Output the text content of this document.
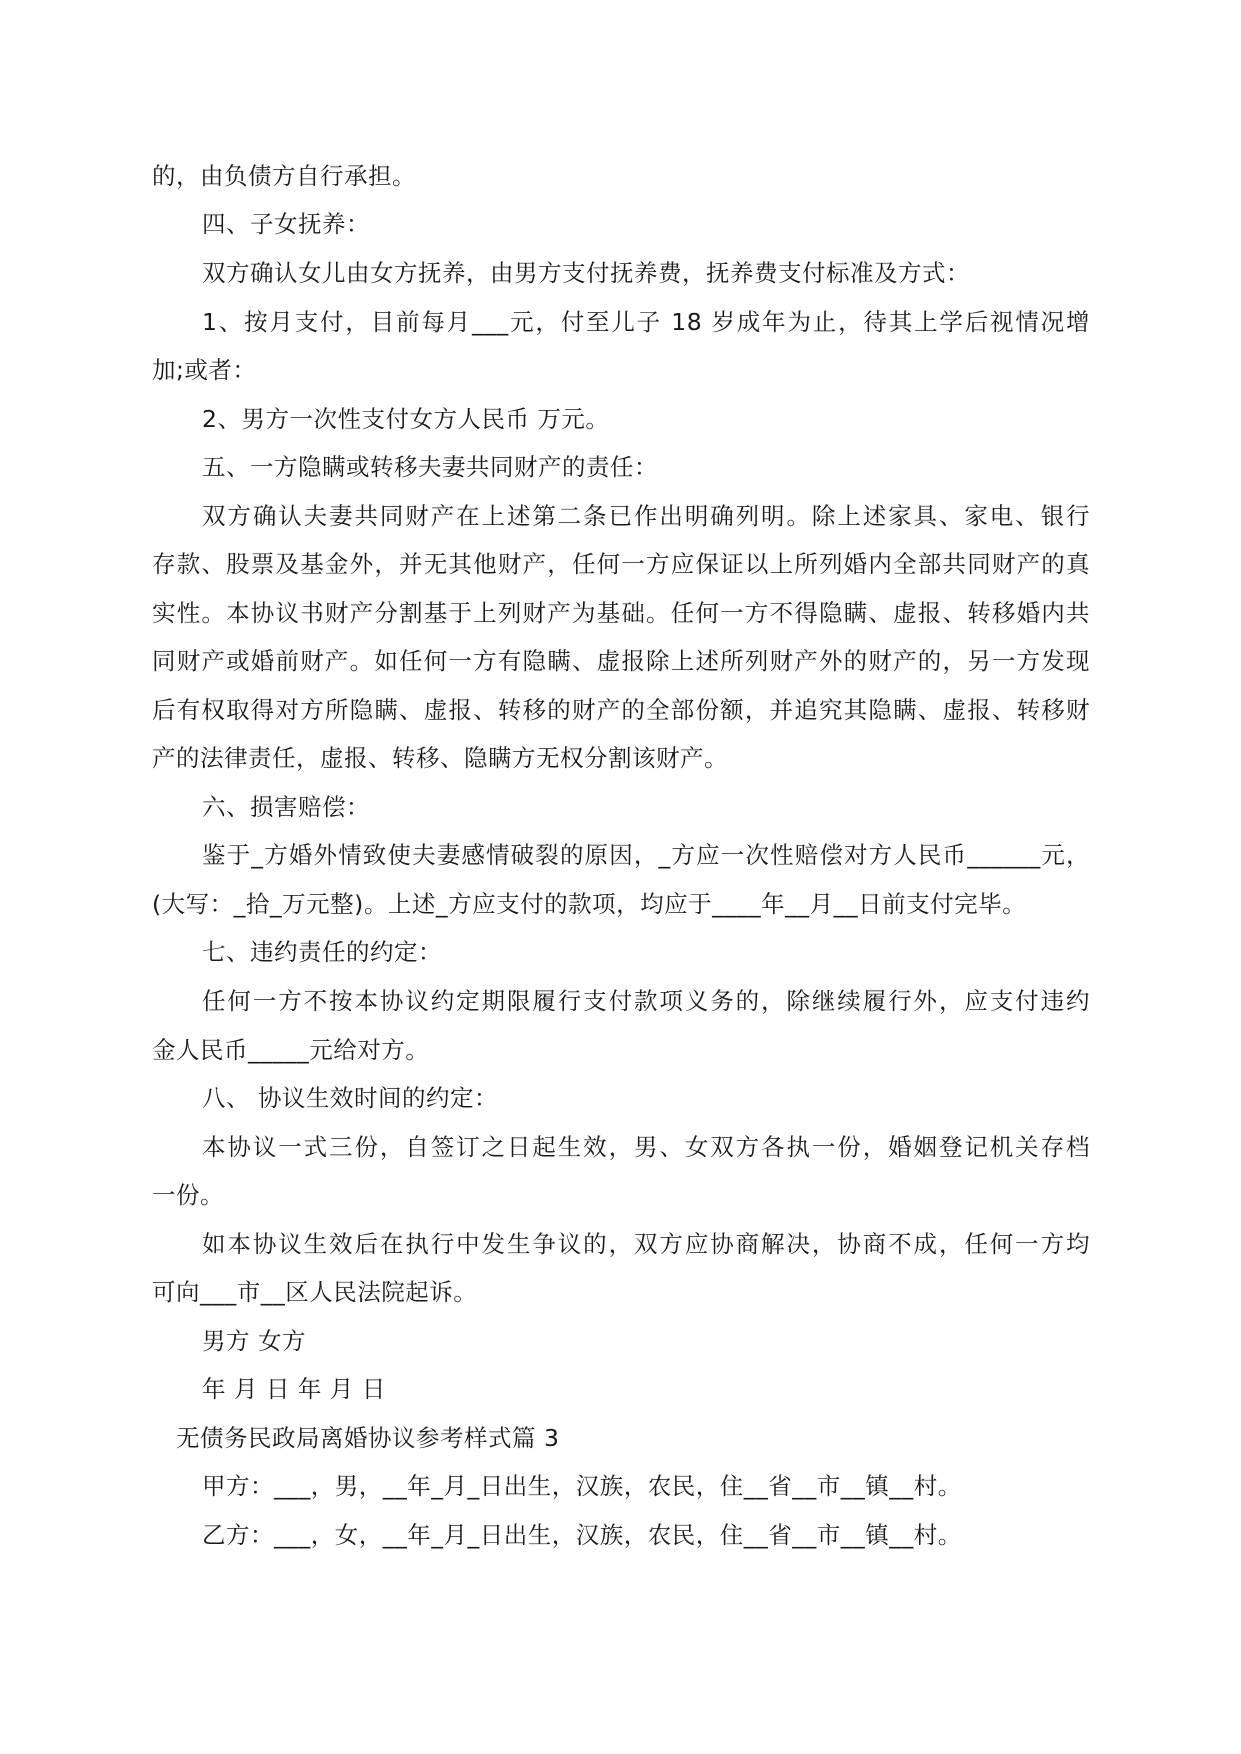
的，由负债方自行承担。
四、子女抚养：
双方确认女儿由女方抚养，由男方支付抚养费，抚养费支付标准及方式：
1、按月支付，目前每月___元，付至儿子 18 岁成年为止，待其上学后视情况增
加;或者：
2、男方一次性支付女方人民币 万元。
五、一方隐瞒或转移夫妻共同财产的责任：
双方确认夫妻共同财产在上述第二条已作出明确列明。除上述家具、家电、银行
存款、股票及基金外，并无其他财产，任何一方应保证以上所列婚内全部共同财产的真
实性。本协议书财产分割基于上列财产为基础。任何一方不得隐瞒、虚报、转移婚内共
同财产或婚前财产。如任何一方有隐瞒、虚报除上述所列财产外的财产的，另一方发现
后有权取得对方所隐瞒、虚报、转移的财产的全部份额，并追究其隐瞒、虚报、转移财
产的法律责任，虚报、转移、隐瞒方无权分割该财产。
六、损害赔偿：
鉴于_方婚外情致使夫妻感情破裂的原因，_方应一次性赔偿对方人民币______元，
(大写：_拾_万元整)。上述_方应支付的款项，均应于____年__月__日前支付完毕。
七、违约责任的约定：
任何一方不按本协议约定期限履行支付款项义务的，除继续履行外，应支付违约
金人民币_____元给对方。
八、 协议生效时间的约定：
本协议一式三份，自签订之日起生效，男、女双方各执一份，婚姻登记机关存档
一份。
如本协议生效后在执行中发生争议的，双方应协商解决，协商不成，任何一方均
可向___市__区人民法院起诉。
男方 女方
年 月 日 年 月 日
无债务民政局离婚协议参考样式篇 3
甲方：___，男，__年_月_日出生，汉族，农民，住__省__市__镇__村。
乙方：___，女，__年_月_日出生，汉族，农民，住__省__市__镇__村。
